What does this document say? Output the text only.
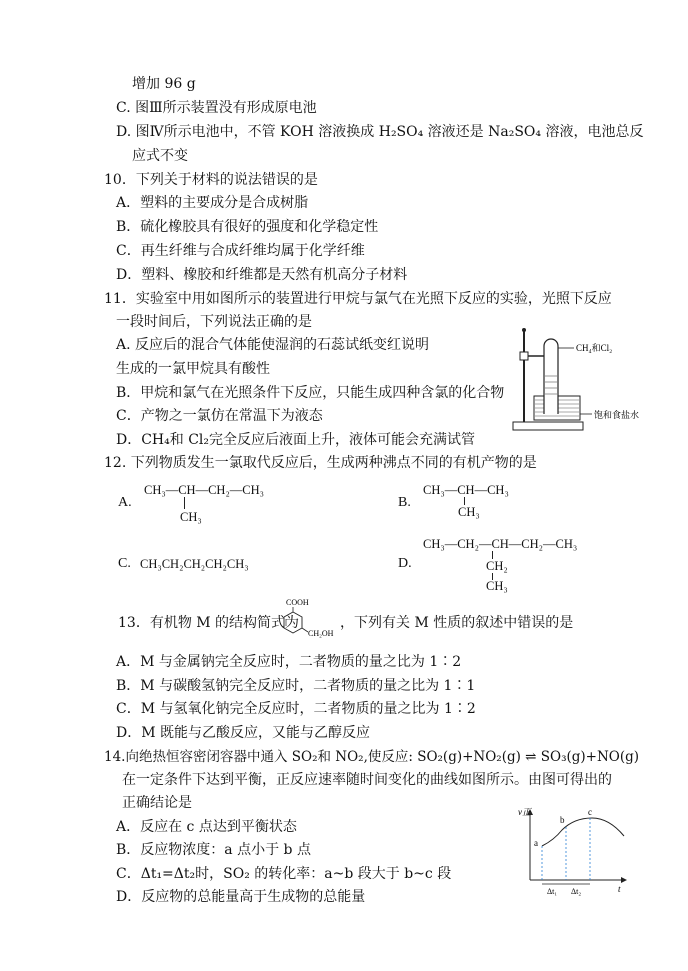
增加 96 g
C. 图Ⅲ所示装置没有形成原电池
D. 图Ⅳ所示电池中，不管 KOH 溶液换成 H₂SO₄ 溶液还是 Na₂SO₄ 溶液，电池总反
应式不变
10．下列关于材料的说法错误的是
A．塑料的主要成分是合成树脂
B．硫化橡胶具有很好的强度和化学稳定性
C．再生纤维与合成纤维均属于化学纤维
D．塑料、橡胶和纤维都是天然有机高分子材料
11．实验室中用如图所示的装置进行甲烷与氯气在光照下反应的实验，光照下反应
一段时间后，下列说法正确的是
A. 反应后的混合气体能使湿润的石蕊试纸变红说明
生成的一氯甲烷具有酸性
B．甲烷和氯气在光照条件下反应，只能生成四种含氯的化合物
C．产物之一氯仿在常温下为液态
D．CH₄和 Cl₂完全反应后液面上升，液体可能会充满试管
CH₄和Cl₂
饱和食盐水
12. 下列物质发生一氯取代反应后，生成两种沸点不同的有机产物的是
A.
CH₃—CH—CH₂—CH₃
CH₃
B.
CH₃—CH—CH₃
CH₃
C. CH₃CH₂CH₂CH₂CH₃	D.
CH₃—CH₂—CH—CH₂—CH₃
CH₂
CH₃
13．有机物 M 的结构简式为
COOH
CH₂OH
，下列有关 M 性质的叙述中错误的是
A．M 与金属钠完全反应时，二者物质的量之比为 1∶2
B．M 与碳酸氢钠完全反应时，二者物质的量之比为 1∶1
C．M 与氢氧化钠完全反应时，二者物质的量之比为 1∶2
D．M 既能与乙酸反应，又能与乙醇反应
14.向绝热恒容密闭容器中通入 SO₂和 NO₂,使反应: SO₂(g)+NO₂(g) ⇌ SO₃(g)+NO(g)
在一定条件下达到平衡，正反应速率随时间变化的曲线如图所示。由图可得出的
正确结论是
A．反应在 c 点达到平衡状态
B．反应物浓度：a 点小于 b 点
C．Δt₁=Δt₂时，SO₂ 的转化率：a~b 段大于 b~c 段
D．反应物的总能量高于生成物的总能量
v正
t
a
b
c
Δt₁ Δt₂
